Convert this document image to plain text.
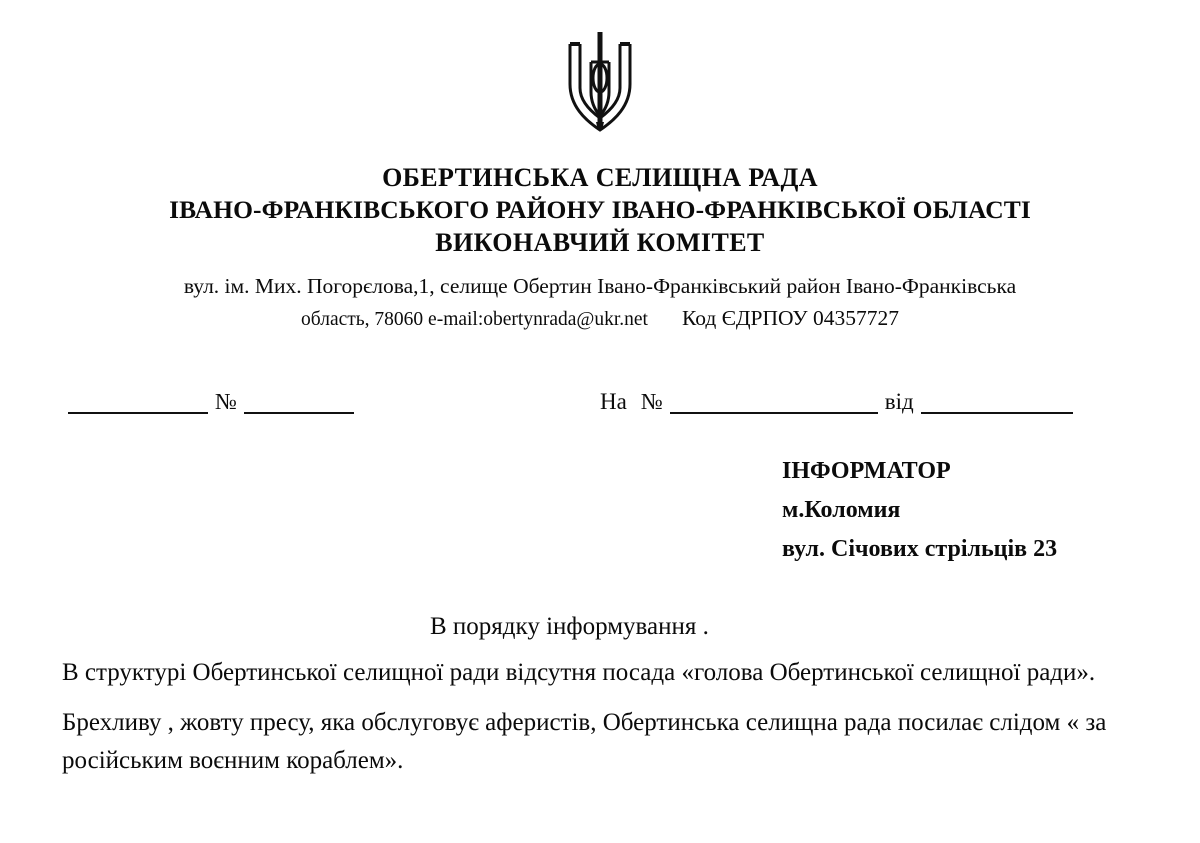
ОБЕРТИНСЬКА СЕЛИЩНА РАДА
ІВАНО-ФРАНКІВСЬКОГО РАЙОНУ ІВАНО-ФРАНКІВСЬКОЇ ОБЛАСТІ
ВИКОНАВЧИЙ КОМІТЕТ
вул. ім. Мих. Погорєлова,1, селище Обертин Івано-Франківський район Івано-Франківська
область, 78060 e-mail:obertynrada@ukr.net Код ЄДРПОУ 04357727
№	На №	від
ІНФОРМАТОР
м.Коломия
вул. Січових стрільців 23
В порядку інформування .
В структурі Обертинської селищної ради відсутня посада «голова Обертинської селищної ради».
Брехливу , жовту пресу, яка обслуговує аферистів, Обертинська селищна рада посилає слідом « за російським воєнним кораблем».
